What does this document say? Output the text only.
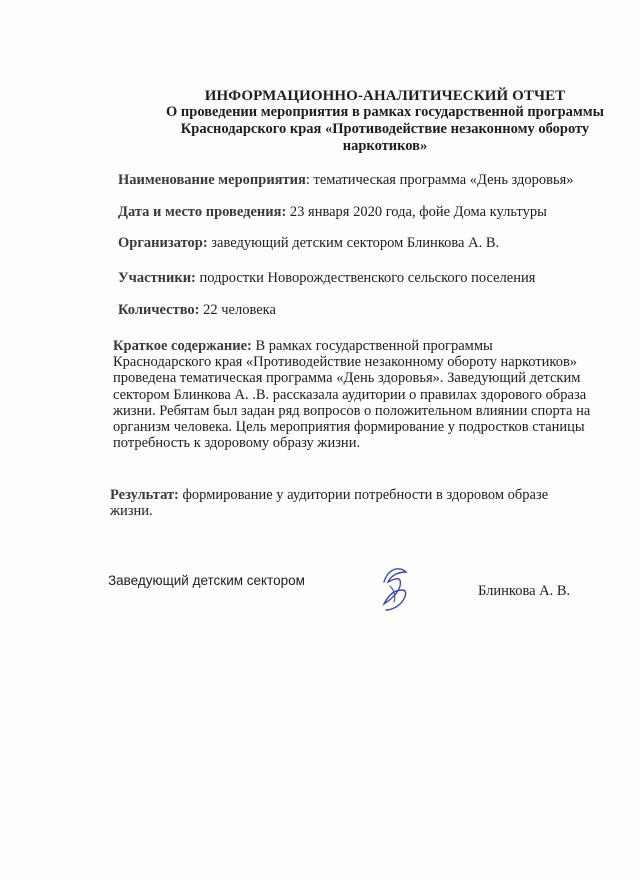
ИНФОРМАЦИОННО-АНАЛИТИЧЕСКИЙ ОТЧЕТ
О проведении мероприятия в рамках государственной программы
Краснодарского края «Противодействие незаконному обороту
наркотиков»
Наименование мероприятия: тематическая программа «День здоровья»
Дата и место проведения: 23 января 2020 года, фойе Дома культуры
Организатор: заведующий детским сектором Блинкова А. В.
Участники: подростки Новорождественского сельского поселения
Количество: 22 человека
Краткое содержание: В рамках государственной программы
Краснодарского края «Противодействие незаконному обороту наркотиков»
проведена тематическая программа «День здоровья». Заведующий детским
сектором Блинкова А. .В. рассказала аудитории о правилах здорового образа
жизни. Ребятам был задан ряд вопросов о положительном влиянии спорта на
организм человека. Цель мероприятия формирование у подростков станицы
потребность к здоровому образу жизни.
Результат: формирование у аудитории потребности в здоровом образе
жизни.
Заведующий детским сектором
Блинкова А. В.
